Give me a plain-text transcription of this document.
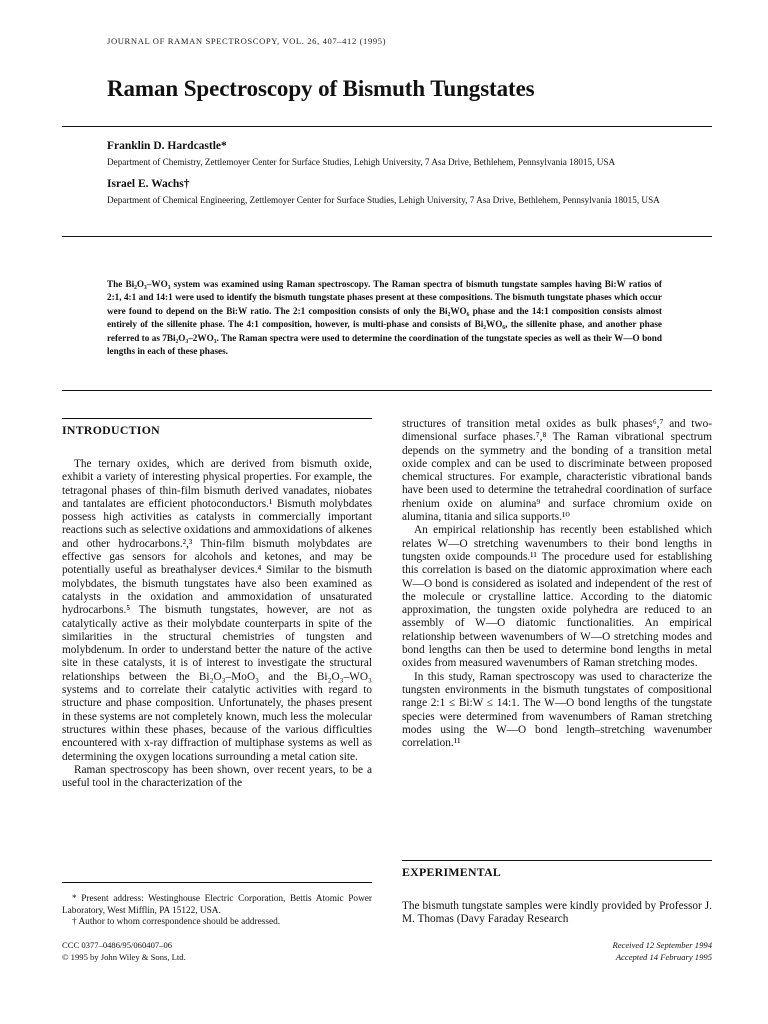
JOURNAL OF RAMAN SPECTROSCOPY, VOL. 26, 407–412 (1995)
Raman Spectroscopy of Bismuth Tungstates
Franklin D. Hardcastle*
Department of Chemistry, Zettlemoyer Center for Surface Studies, Lehigh University, 7 Asa Drive, Bethlehem, Pennsylvania 18015, USA
Israel E. Wachs†
Department of Chemical Engineering, Zettlemoyer Center for Surface Studies, Lehigh University, 7 Asa Drive, Bethlehem, Pennsylvania 18015, USA

The Bi₂O₃–WO₃ system was examined using Raman spectroscopy. The Raman spectra of bismuth tungstate samples having Bi:W ratios of 2:1, 4:1 and 14:1 were used to identify the bismuth tungstate phases present at these compositions. The bismuth tungstate phases which occur were found to depend on the Bi:W ratio. The 2:1 composition consists of only the Bi₂WO₆ phase and the 14:1 composition consists almost entirely of the sillenite phase. The 4:1 composition, however, is multi-phase and consists of Bi₂WO₆, the sillenite phase, and another phase referred to as 7Bi₂O₃–2WO₃. The Raman spectra were used to determine the coordination of the tungstate species as well as their W—O bond lengths in each of these phases.

INTRODUCTION

The ternary oxides, which are derived from bismuth oxide, exhibit a variety of interesting physical properties. For example, the tetragonal phases of thin-film bismuth derived vanadates, niobates and tantalates are efficient photoconductors.¹ Bismuth molybdates possess high activities as catalysts in commercially important reactions such as selective oxidations and ammoxidations of alkenes and other hydrocarbons.²,³ Thin-film bismuth molybdates are effective gas sensors for alcohols and ketones, and may be potentially useful as breathalyser devices.⁴ Similar to the bismuth molybdates, the bismuth tungstates have also been examined as catalysts in the oxidation and ammoxidation of unsaturated hydrocarbons.⁵ The bismuth tungstates, however, are not as catalytically active as their molybdate counterparts in spite of the similarities in the structural chemistries of tungsten and molybdenum. In order to understand better the nature of the active site in these catalysts, it is of interest to investigate the structural relationships between the Bi₂O₃–MoO₃ and the Bi₂O₃–WO₃ systems and to correlate their catalytic activities with regard to structure and phase composition. Unfortunately, the phases present in these systems are not completely known, much less the molecular structures within these phases, because of the various difficulties encountered with x-ray diffraction of multiphase systems as well as determining the oxygen locations surrounding a metal cation site.

Raman spectroscopy has been shown, over recent years, to be a useful tool in the characterization of the

structures of transition metal oxides as bulk phases⁶,⁷ and two-dimensional surface phases.⁷,⁸ The Raman vibrational spectrum depends on the symmetry and the bonding of a transition metal oxide complex and can be used to discriminate between proposed chemical structures. For example, characteristic vibrational bands have been used to determine the tetrahedral coordination of surface rhenium oxide on alumina⁹ and surface chromium oxide on alumina, titania and silica supports.¹⁰

An empirical relationship has recently been established which relates W—O stretching wavenumbers to their bond lengths in tungsten oxide compounds.¹¹ The procedure used for establishing this correlation is based on the diatomic approximation where each W—O bond is considered as isolated and independent of the rest of the molecule or crystalline lattice. According to the diatomic approximation, the tungsten oxide polyhedra are reduced to an assembly of W—O diatomic functionalities. An empirical relationship between wavenumbers of W—O stretching modes and bond lengths can then be used to determine bond lengths in metal oxides from measured wavenumbers of Raman stretching modes.

In this study, Raman spectroscopy was used to characterize the tungsten environments in the bismuth tungstates of compositional range 2:1 ≤ Bi:W ≤ 14:1. The W—O bond lengths of the tungstate species were determined from wavenumbers of Raman stretching modes using the W—O bond length–stretching wavenumber correlation.¹¹

EXPERIMENTAL

The bismuth tungstate samples were kindly provided by Professor J. M. Thomas (Davy Faraday Research

* Present address: Westinghouse Electric Corporation, Bettis Atomic Power Laboratory, West Mifflin, PA 15122, USA.

† Author to whom correspondence should be addressed.

CCC 0377–0486/95/060407–06
© 1995 by John Wiley & Sons, Ltd.
Received 12 September 1994
Accepted 14 February 1995
